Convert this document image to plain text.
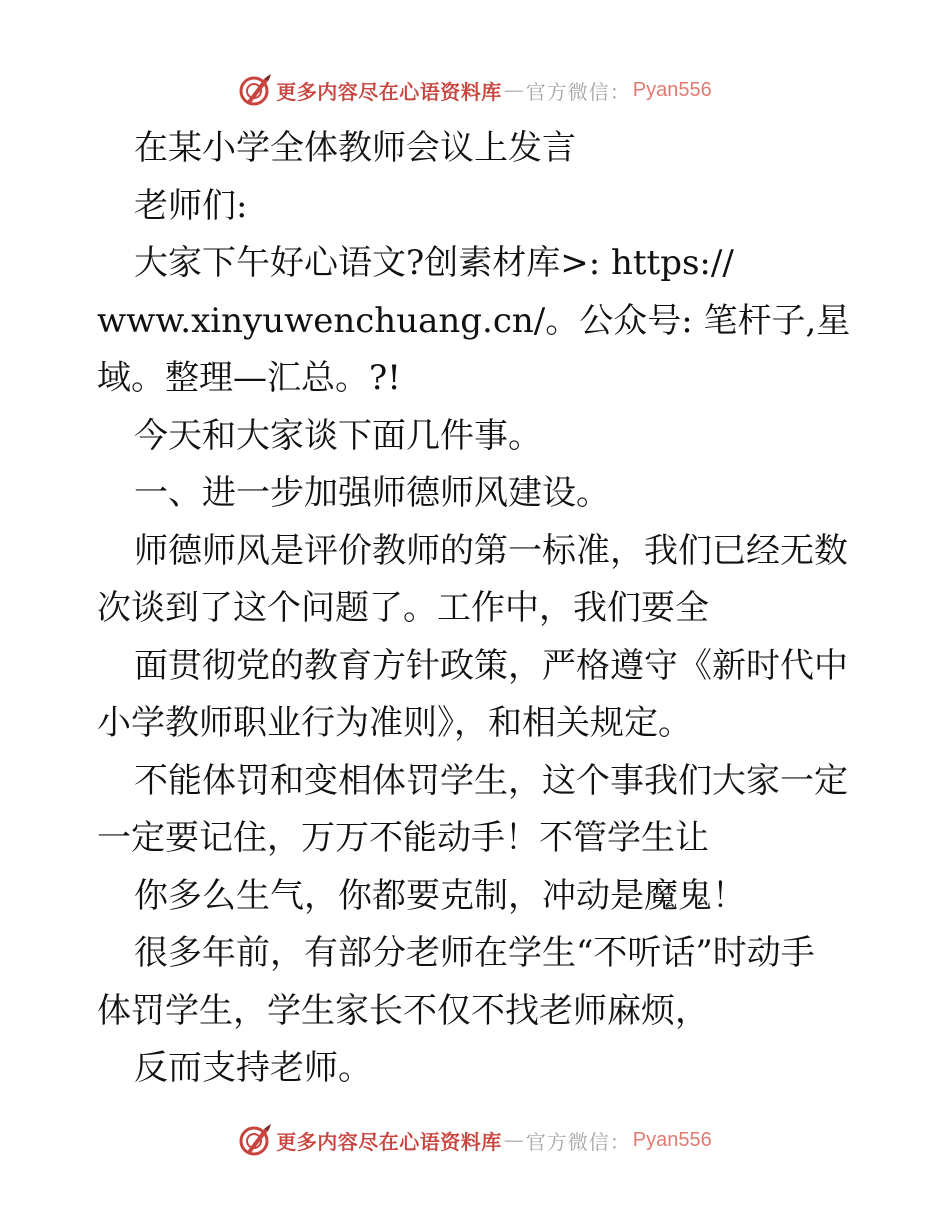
更多内容尽在心语资料库 — 官方微信： Pyan556
在某小学全体教师会议上发言
老师们:
大家下午好心语文?创素材库>: https://
www.xinyuwenchuang.cn/。公众号: 笔杆子,星
域。整理—汇总。?!
今天和大家谈下面几件事。
一、进一步加强师德师风建设。
师德师风是评价教师的第一标准，我们已经无数
次谈到了这个问题了。工作中，我们要全
面贯彻党的教育方针政策，严格遵守《新时代中
小学教师职业行为准则》，和相关规定。
不能体罚和变相体罚学生，这个事我们大家一定
一定要记住，万万不能动手！不管学生让
你多么生气，你都要克制，冲动是魔鬼！
很多年前，有部分老师在学生“不听话”时动手
体罚学生，学生家长不仅不找老师麻烦，
反而支持老师。
更多内容尽在心语资料库 — 官方微信： Pyan556
